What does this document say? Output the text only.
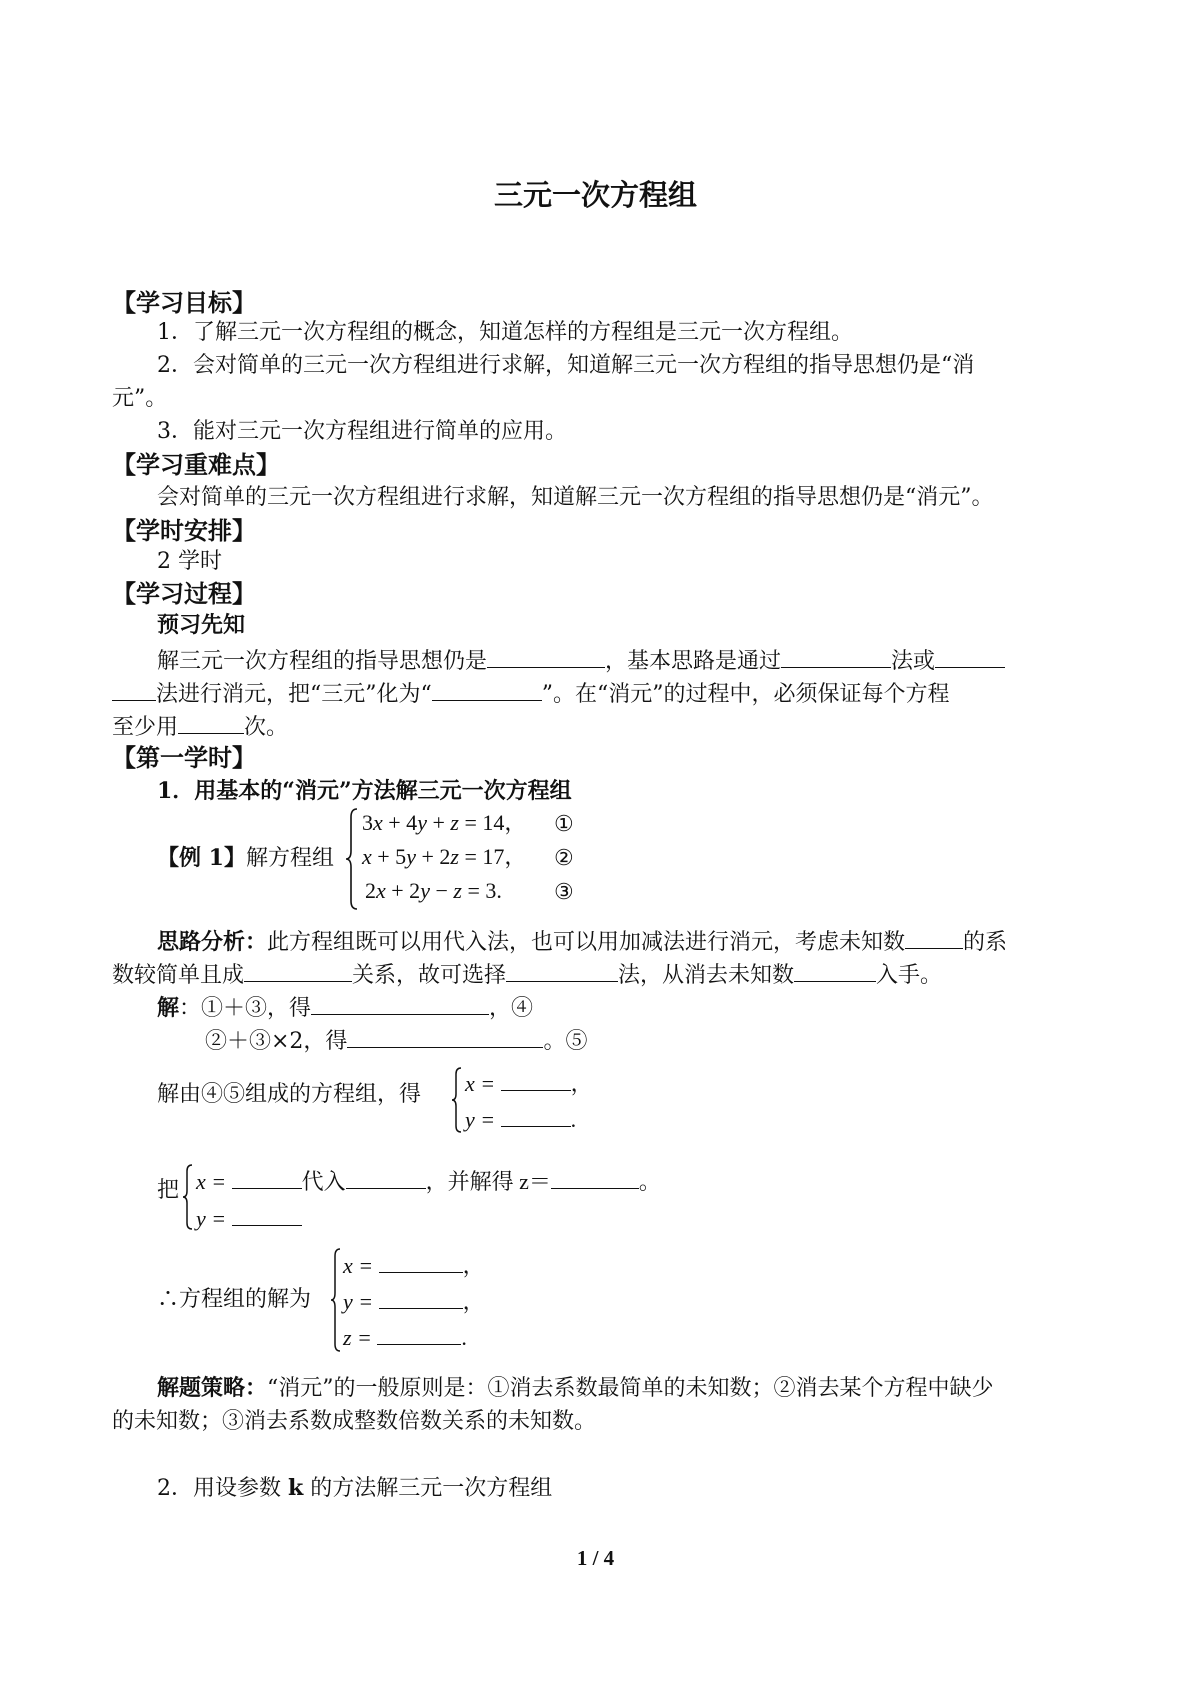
三元一次方程组
【学习目标】
1．了解三元一次方程组的概念，知道怎样的方程组是三元一次方程组。
2．会对简单的三元一次方程组进行求解，知道解三元一次方程组的指导思想仍是“消
元”。
3．能对三元一次方程组进行简单的应用。
【学习重难点】
会对简单的三元一次方程组进行求解，知道解三元一次方程组的指导思想仍是“消元”。
【学时安排】
2 学时
【学习过程】
预习先知
解三元一次方程组的指导思想仍是	，基本思路是通过	法或
法进行消元，把“三元”化为“	”。在“消元”的过程中，必须保证每个方程
至少用	次。
【第一学时】
1．用基本的“消元”方法解三元一次方程组
【例 1】解方程组
3x + 4y + z = 14，
x + 5y + 2z = 17，
2x + 2y − z = 3.
①
②
③
思路分析：此方程组既可以用代入法，也可以用加减法进行消元，考虑未知数	的系
数较简单且成	关系，故可选择	法，从消去未知数	入手。
解：①＋③，得	，④
②＋③×2，得	。⑤
解由④⑤组成的方程组，得 x =	，
y =	.
把 x =	代入	，并解得 z＝	。
y =
∴方程组的解为
x =	，
y =	，
z =	.
解题策略：“消元”的一般原则是：①消去系数最简单的未知数；②消去某个方程中缺少
的未知数；③消去系数成整数倍数关系的未知数。
2．用设参数 k 的方法解三元一次方程组
1 / 4
